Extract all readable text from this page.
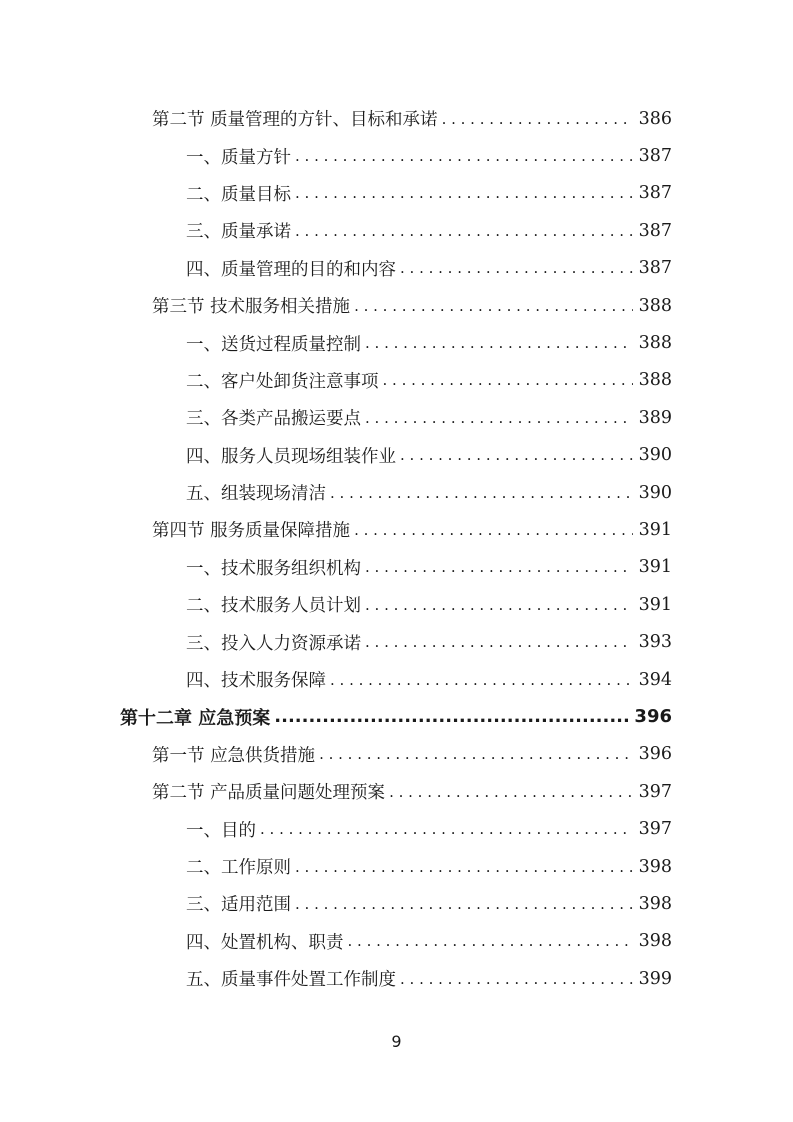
第二节 质量管理的方针、目标和承诺 . . .	386
一、质量方针 . . .	387
二、质量目标 . . .	387
三、质量承诺 . . .	387
四、质量管理的目的和内容 . . .	387
第三节 技术服务相关措施 . . .	388
一、送货过程质量控制 . . .	388
二、客户处卸货注意事项 . . .	388
三、各类产品搬运要点 . . .	389
四、服务人员现场组装作业 . . .	390
五、组装现场清洁 . . .	390
第四节 服务质量保障措施 . . .	391
一、技术服务组织机构 . . .	391
二、技术服务人员计划 . . .	391
三、投入人力资源承诺 . . .	393
四、技术服务保障 . . .	394
第十二章 应急预案 .....	396
第一节 应急供货措施 . . .	396
第二节 产品质量问题处理预案 . . .	397
一、目的 . . .	397
二、工作原则 . . .	398
三、适用范围 . . .	398
四、处置机构、职责 . . .	398
五、质量事件处置工作制度 . . .	399
9
